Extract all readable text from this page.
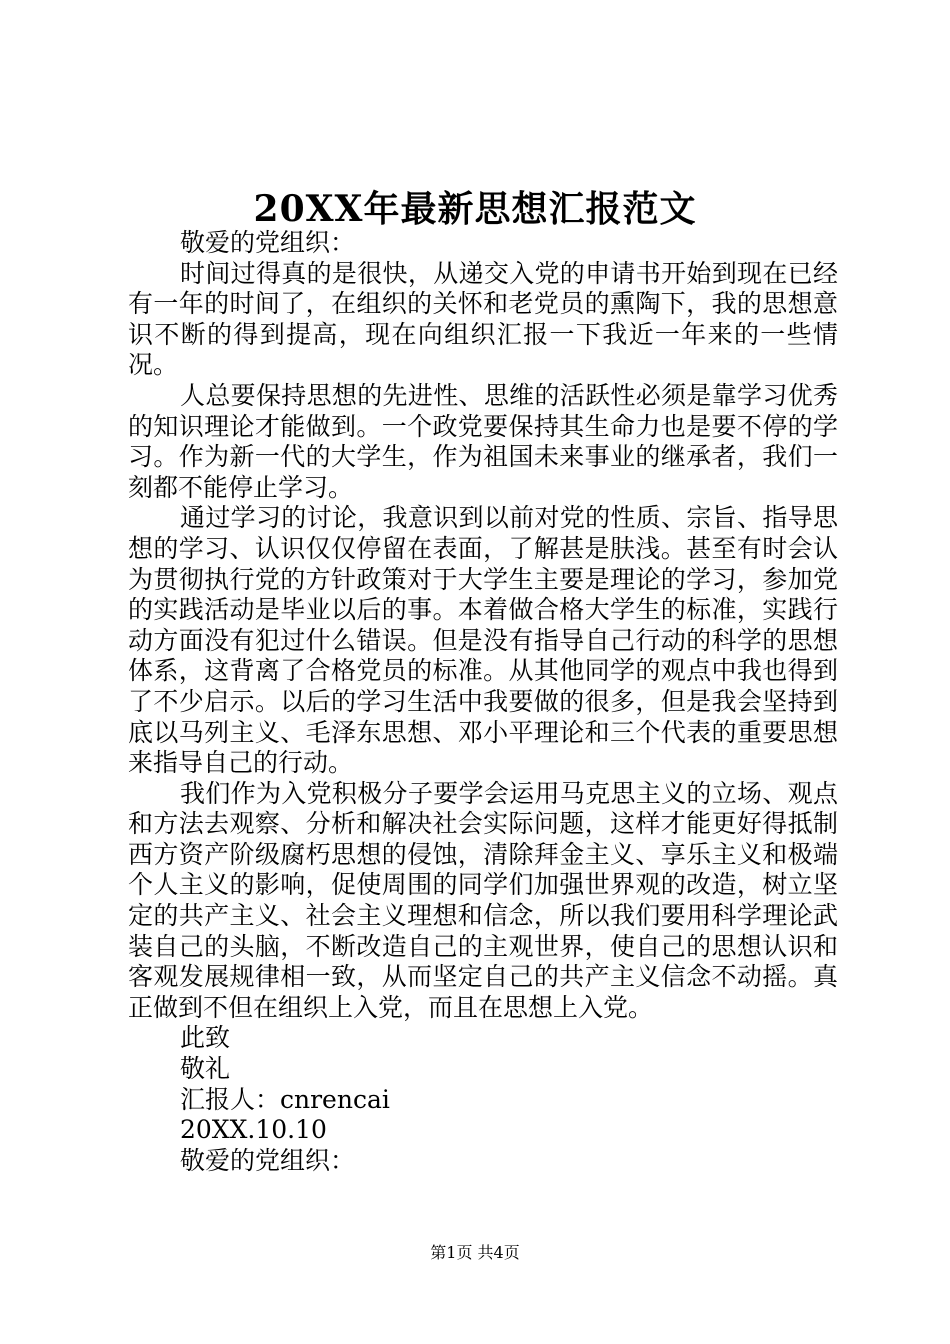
20XX年最新思想汇报范文

敬爱的党组织：

时间过得真的是很快，从递交入党的申请书开始到现在已经有一年的时间了，在组织的关怀和老党员的熏陶下，我的思想意识不断的得到提高，现在向组织汇报一下我近一年来的一些情况。

人总要保持思想的先进性、思维的活跃性必须是靠学习优秀的知识理论才能做到。一个政党要保持其生命力也是要不停的学习。作为新一代的大学生，作为祖国未来事业的继承者，我们一刻都不能停止学习。

通过学习的讨论，我意识到以前对党的性质、宗旨、指导思想的学习、认识仅仅停留在表面，了解甚是肤浅。甚至有时会认为贯彻执行党的方针政策对于大学生主要是理论的学习，参加党的实践活动是毕业以后的事。本着做合格大学生的标准，实践行动方面没有犯过什么错误。但是没有指导自己行动的科学的思想体系，这背离了合格党员的标准。从其他同学的观点中我也得到了不少启示。以后的学习生活中我要做的很多，但是我会坚持到底以马列主义、毛泽东思想、邓小平理论和三个代表的重要思想来指导自己的行动。

我们作为入党积极分子要学会运用马克思主义的立场、观点和方法去观察、分析和解决社会实际问题，这样才能更好得抵制西方资产阶级腐朽思想的侵蚀，清除拜金主义、享乐主义和极端个人主义的影响，促使周围的同学们加强世界观的改造，树立坚定的共产主义、社会主义理想和信念，所以我们要用科学理论武装自己的头脑，不断改造自己的主观世界，使自己的思想认识和客观发展规律相一致，从而坚定自己的共产主义信念不动摇。真正做到不但在组织上入党，而且在思想上入党。

此致

敬礼

汇报人：cnrencai

20XX.10.10

敬爱的党组织：

第1页 共4页
